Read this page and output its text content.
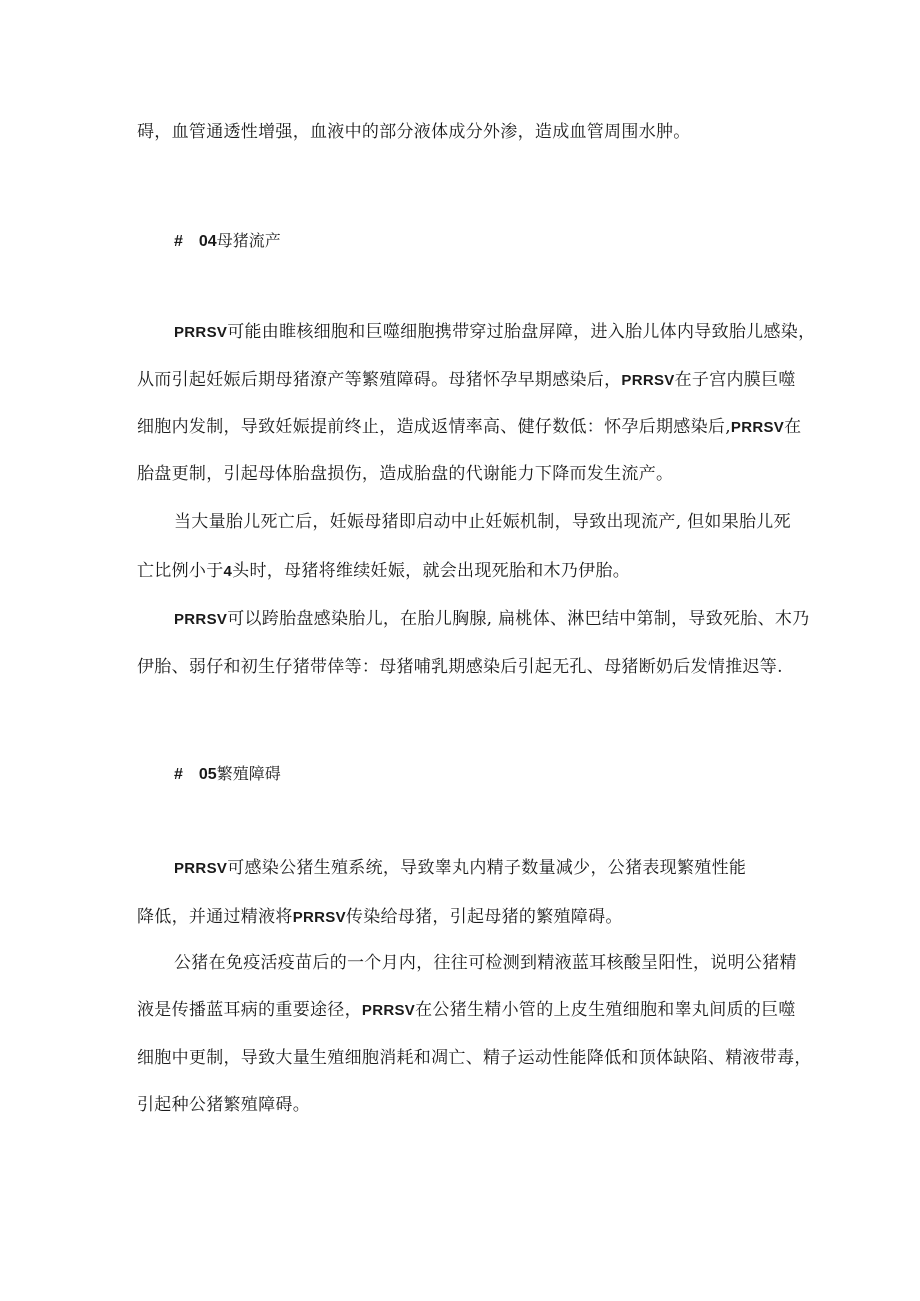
碍，血管通透性增强，血液中的部分液体成分外渗，造成血管周围水肿。
# 04母猪流产
PRRSV可能由睢核细胞和巨噬细胞携带穿过胎盘屏障，进入胎儿体内导致胎儿感染，
从而引起妊娠后期母猪潦产等繁殖障碍。母猪怀孕早期感染后，PRRSV在子宫内膜巨噬
细胞内发制，导致妊娠提前终止，造成返情率高、健仔数低：怀孕后期感染后,PRRSV在
胎盘更制，引起母体胎盘损伤，造成胎盘的代谢能力下降而发生流产。
当大量胎儿死亡后，妊娠母猪即启动中止妊娠机制，导致出现流产, 但如果胎儿死
亡比例小于4头时，母猪将维续妊娠，就会出现死胎和木乃伊胎。
PRRSV可以跨胎盘感染胎儿，在胎儿胸腺, 扁桃体、淋巴结中第制，导致死胎、木乃
伊胎、弱仔和初生仔猪带倖等：母猪哺乳期感染后引起无孔、母猪断奶后发情推迟等.
# 05繁殖障碍
PRRSV可感染公猪生殖系统，导致睾丸内精子数量减少，公猪表现繁殖性能
降低，并通过精液将PRRSV传染给母猪，引起母猪的繁殖障碍。
公猪在免疫活疫苗后的一个月内，往往可检测到精液蓝耳核酸呈阳性，说明公猪精
液是传播蓝耳病的重要途径，PRRSV在公猪生精小管的上皮生殖细胞和睾丸间质的巨噬
细胞中更制，导致大量生殖细胞消耗和凋亡、精子运动性能降低和顶体缺陷、精液带毒，
引起种公猪繁殖障碍。
